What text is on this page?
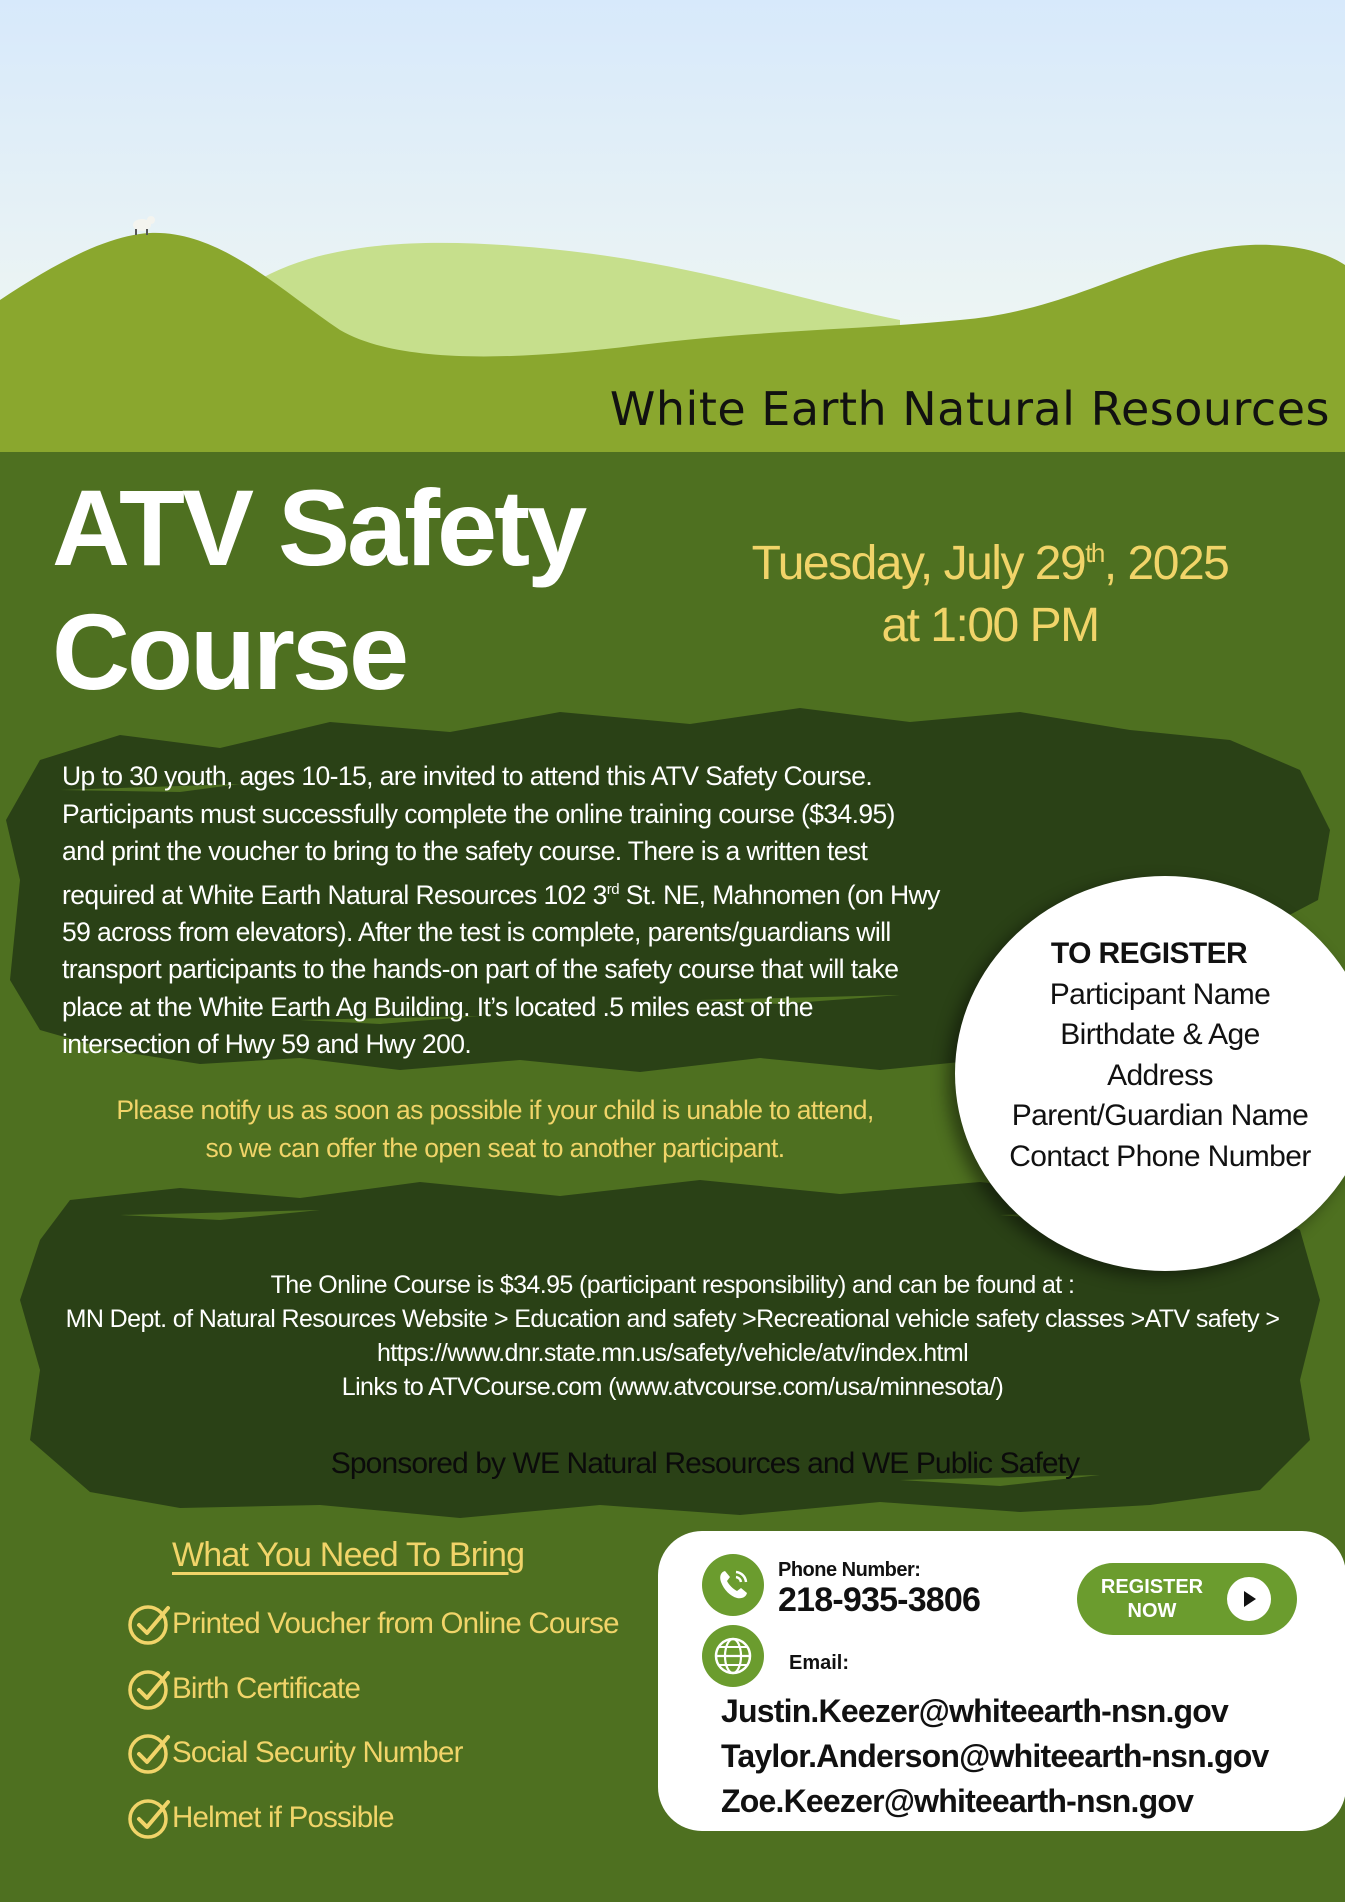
White Earth Natural Resources
ATV Safety
Course
Tuesday, July 29th, 2025
at 1:00 PM
Up to 30 youth, ages 10-15, are invited to attend this ATV Safety Course. Participants must successfully complete the online training course ($34.95) and print the voucher to bring to the safety course. There is a written test required at White Earth Natural Resources 102 3rd St. NE, Mahnomen (on Hwy 59 across from elevators). After the test is complete, parents/guardians will transport participants to the hands-on part of the safety course that will take place at the White Earth Ag Building. It’s located .5 miles east of the intersection of Hwy 59 and Hwy 200.
Please notify us as soon as possible if your child is unable to attend,
so we can offer the open seat to another participant.
TO REGISTER
Participant Name
Birthdate & Age
Address
Parent/Guardian Name
Contact Phone Number
The Online Course is $34.95 (participant responsibility) and can be found at :
MN Dept. of Natural Resources Website > Education and safety >Recreational vehicle safety classes >ATV safety >
https://www.dnr.state.mn.us/safety/vehicle/atv/index.html
Links to ATVCourse.com (www.atvcourse.com/usa/minnesota/)
Sponsored by WE Natural Resources and WE Public Safety
What You Need To Bring
Printed Voucher from Online Course
Birth Certificate
Social Security Number
Helmet if Possible
Phone Number:
218-935-3806
Email:
Justin.Keezer@whiteearth-nsn.gov
Taylor.Anderson@whiteearth-nsn.gov
Zoe.Keezer@whiteearth-nsn.gov
REGISTER
NOW
